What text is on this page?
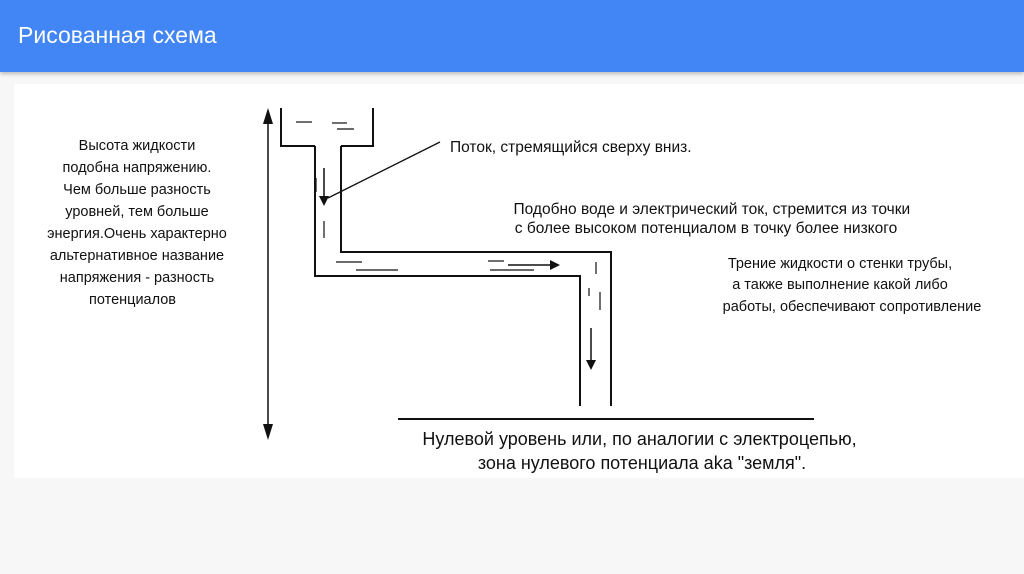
Рисованная схема
Высота жидкости подобна напряжению. Чем больше разность уровней, тем больше энергия.Очень характерно альтернативное название напряжения - разность потенциалов
Поток, стремящийся сверху вниз.
Подобно воде и электрический ток, стремится из точки с более высоком потенциалом в точку более низкого
Трение жидкости о стенки трубы, а также выполнение какой либо работы, обеспечивают сопротивление
Нулевой уровень или, по аналогии с электроцепью, зона нулевого потенциала aka "земля".
